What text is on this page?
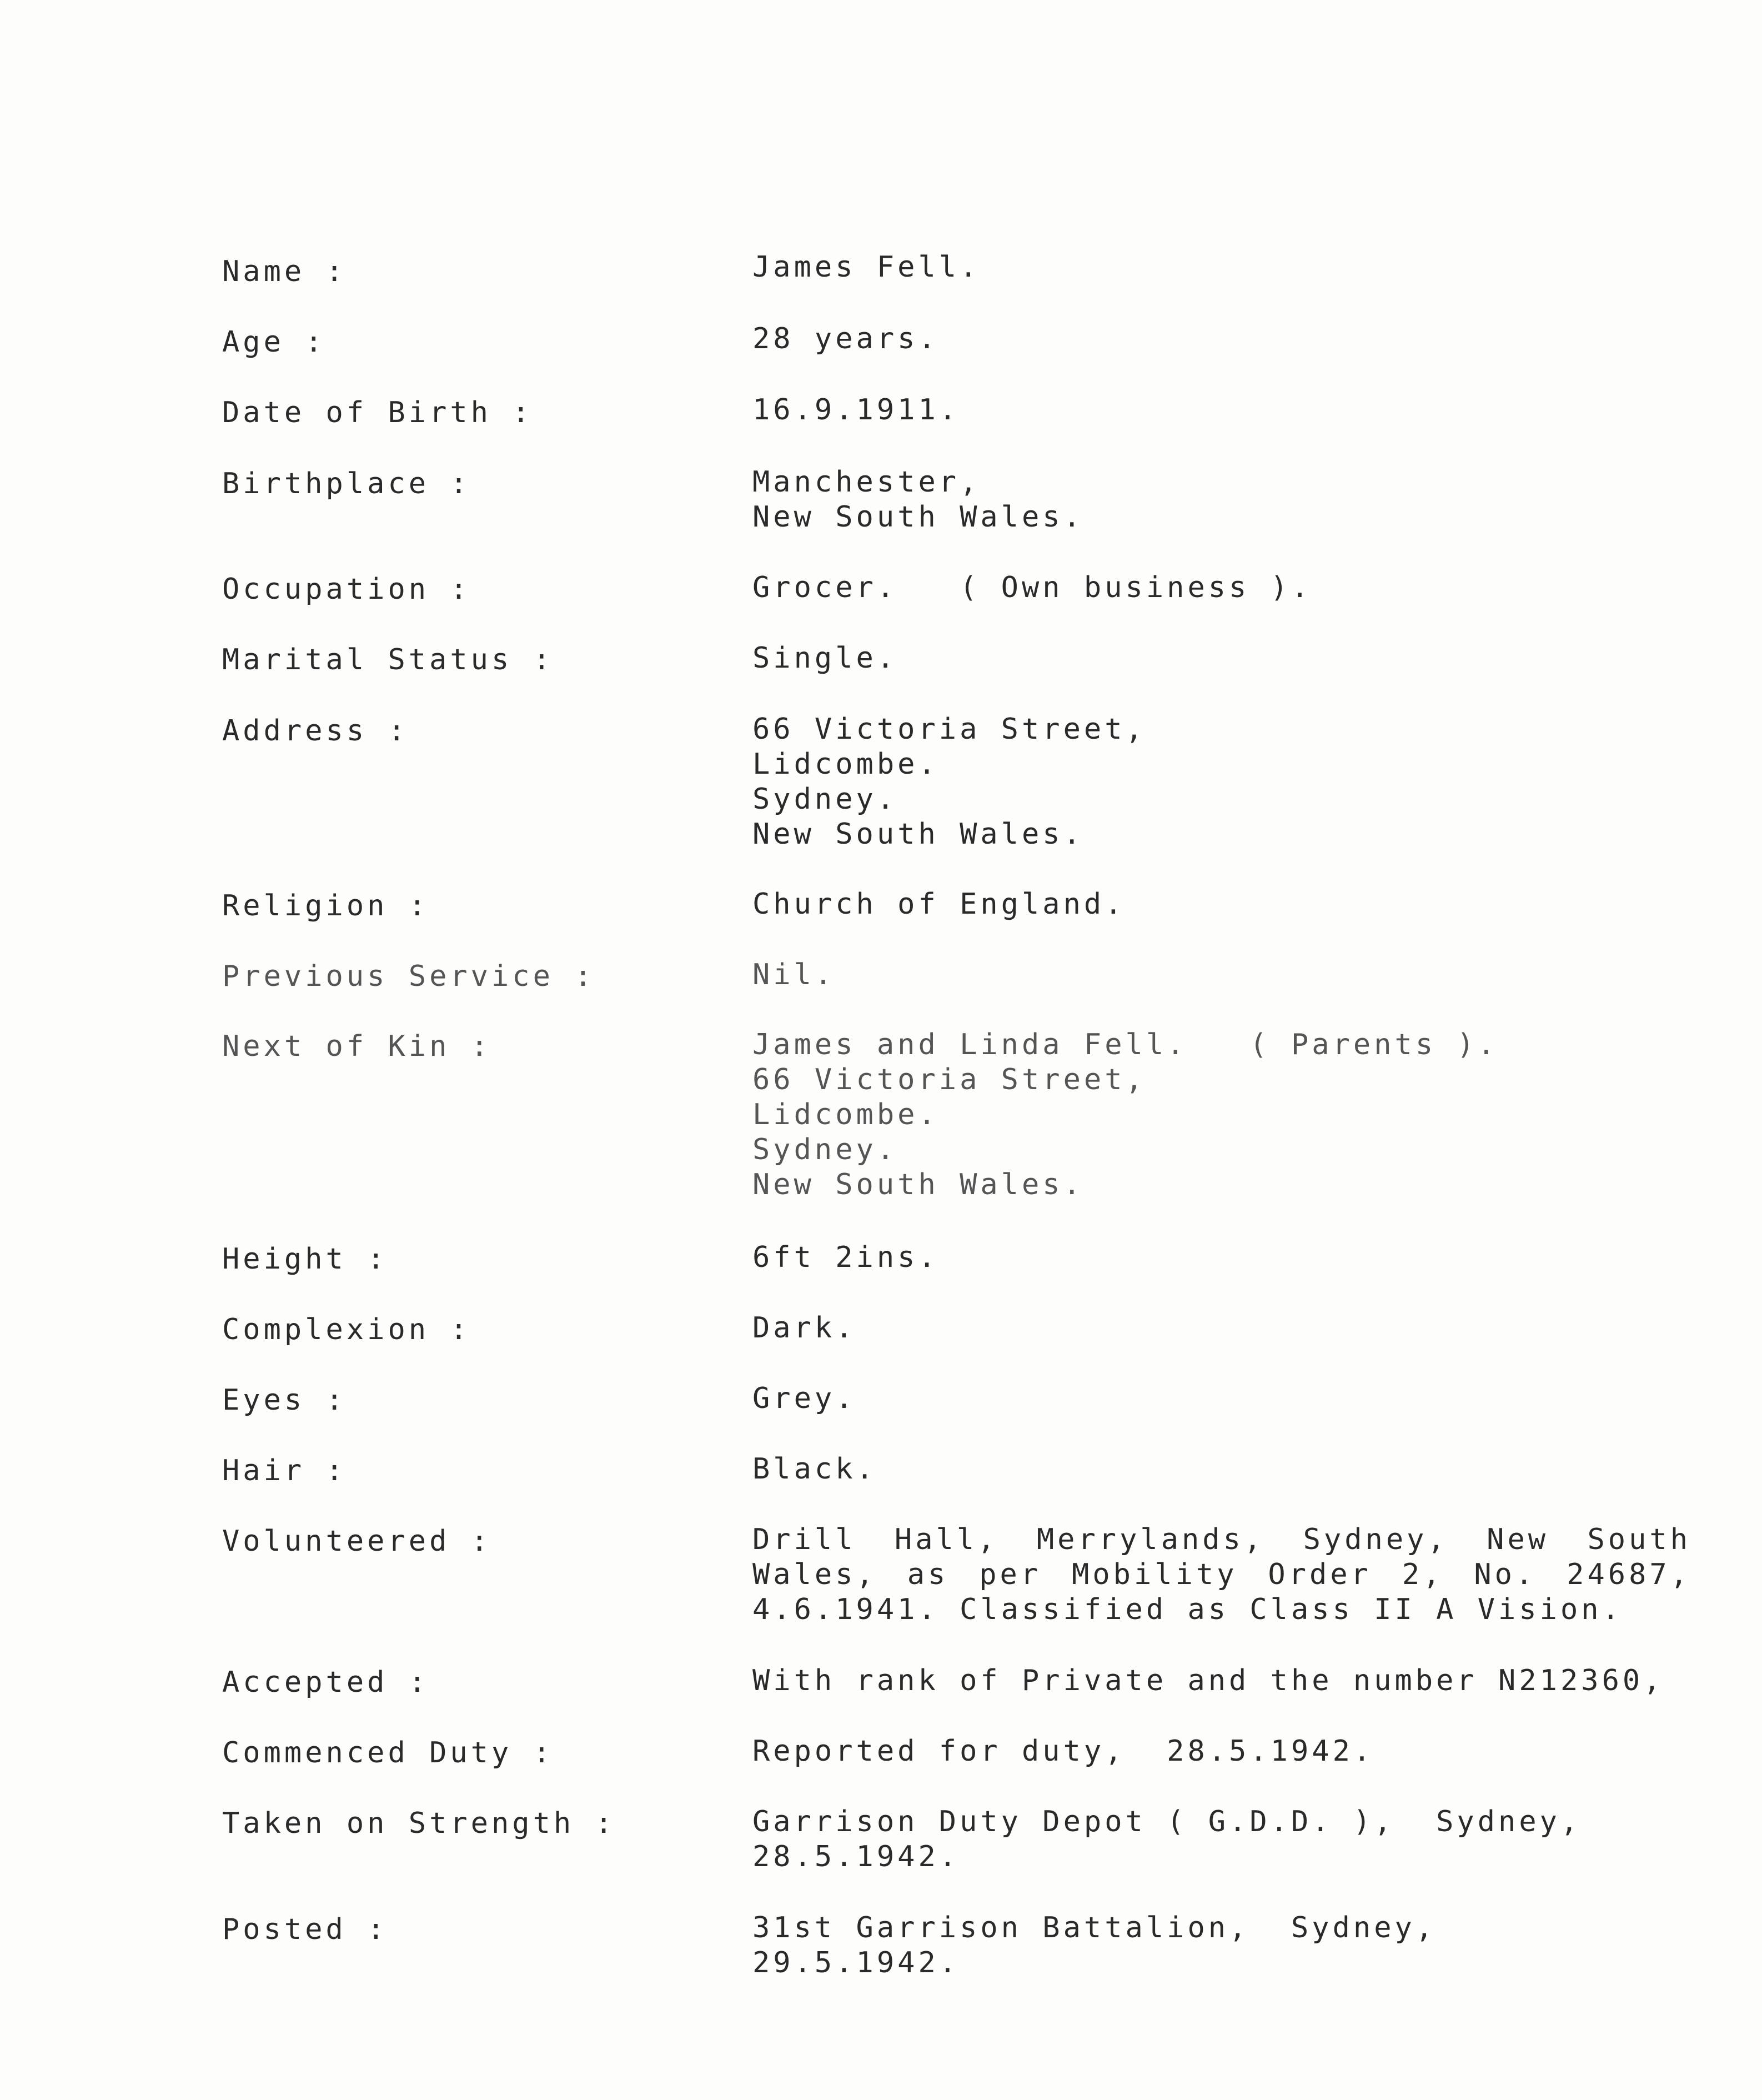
Name :	James Fell.
Age :	28 years.
Date of Birth :	16.9.1911.
Birthplace :	Manchester,
New South Wales.
Occupation :	Grocer.   ( Own business ).
Marital Status :	Single.
Address :	66 Victoria Street,
Lidcombe.
Sydney.
New South Wales.
Religion :	Church of England.
Previous Service :	Nil.
Next of Kin :	James and Linda Fell.   ( Parents ).
66 Victoria Street,
Lidcombe.
Sydney.
New South Wales.
Height :	6ft 2ins.
Complexion :	Dark.
Eyes :	Grey.
Hair :	Black.
Volunteered :	Drill Hall, Merrylands, Sydney, New South
Wales, as per Mobility Order 2, No. 24687,
4.6.1941. Classified as Class II A Vision.
Accepted :	With rank of Private and the number N212360,
Commenced Duty :	Reported for duty,  28.5.1942.
Taken on Strength :	Garrison Duty Depot ( G.D.D. ),  Sydney,
28.5.1942.
Posted :	31st Garrison Battalion,  Sydney,
29.5.1942.
